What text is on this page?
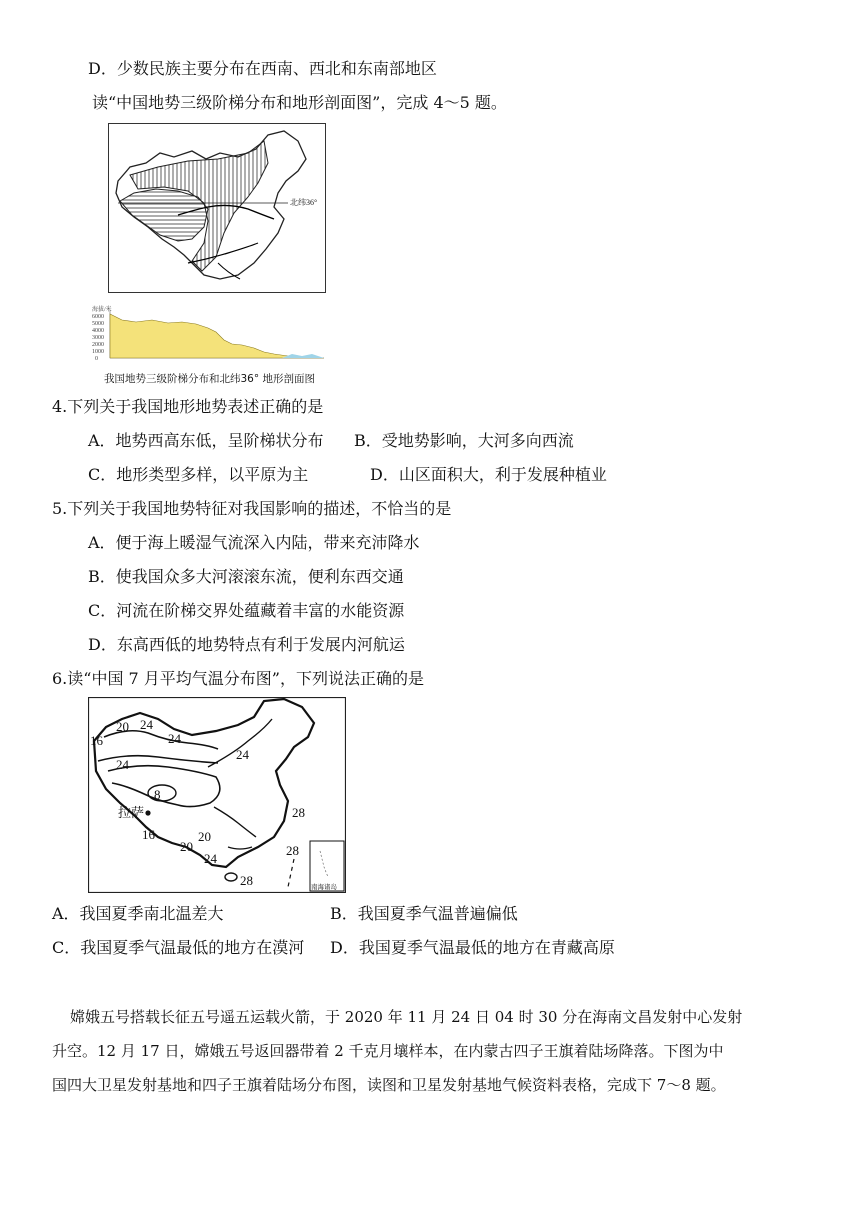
D．少数民族主要分布在西南、西北和东南部地区
读“中国地势三级阶梯分布和地形剖面图”，完成 4～5 题。
北纬36°
海拔/米
6000
5000
4000
3000
2000
1000
0
我国地势三级阶梯分布和北纬36° 地形剖面图
4.下列关于我国地形地势表述正确的是
A．地势西高东低，呈阶梯状分布 B．受地势影响，大河多向西流
C．地形类型多样，以平原为主	D．山区面积大，利于发展种植业
5.下列关于我国地势特征对我国影响的描述，不恰当的是
A．便于海上暖湿气流深入内陆，带来充沛降水
B．使我国众多大河滚滚东流，便利东西交通
C．河流在阶梯交界处蕴藏着丰富的水能资源
D．东高西低的地势特点有利于发展内河航运
6.读“中国 7 月平均气温分布图”，下列说法正确的是
20 24
24
16
24
24
8
16	20
20
24
28
28
28
拉萨
南海诸岛
A．我国夏季南北温差大	B．我国夏季气温普遍偏低
C．我国夏季气温最低的地方在漠河 D．我国夏季气温最低的地方在青藏高原
嫦娥五号搭载长征五号遥五运载火箭，于 2020 年 11 月 24 日 04 时 30 分在海南文昌发射中心发射
升空。12 月 17 日，嫦娥五号返回器带着 2 千克月壤样本，在内蒙古四子王旗着陆场降落。下图为中
国四大卫星发射基地和四子王旗着陆场分布图，读图和卫星发射基地气候资料表格，完成下 7～8 题。
